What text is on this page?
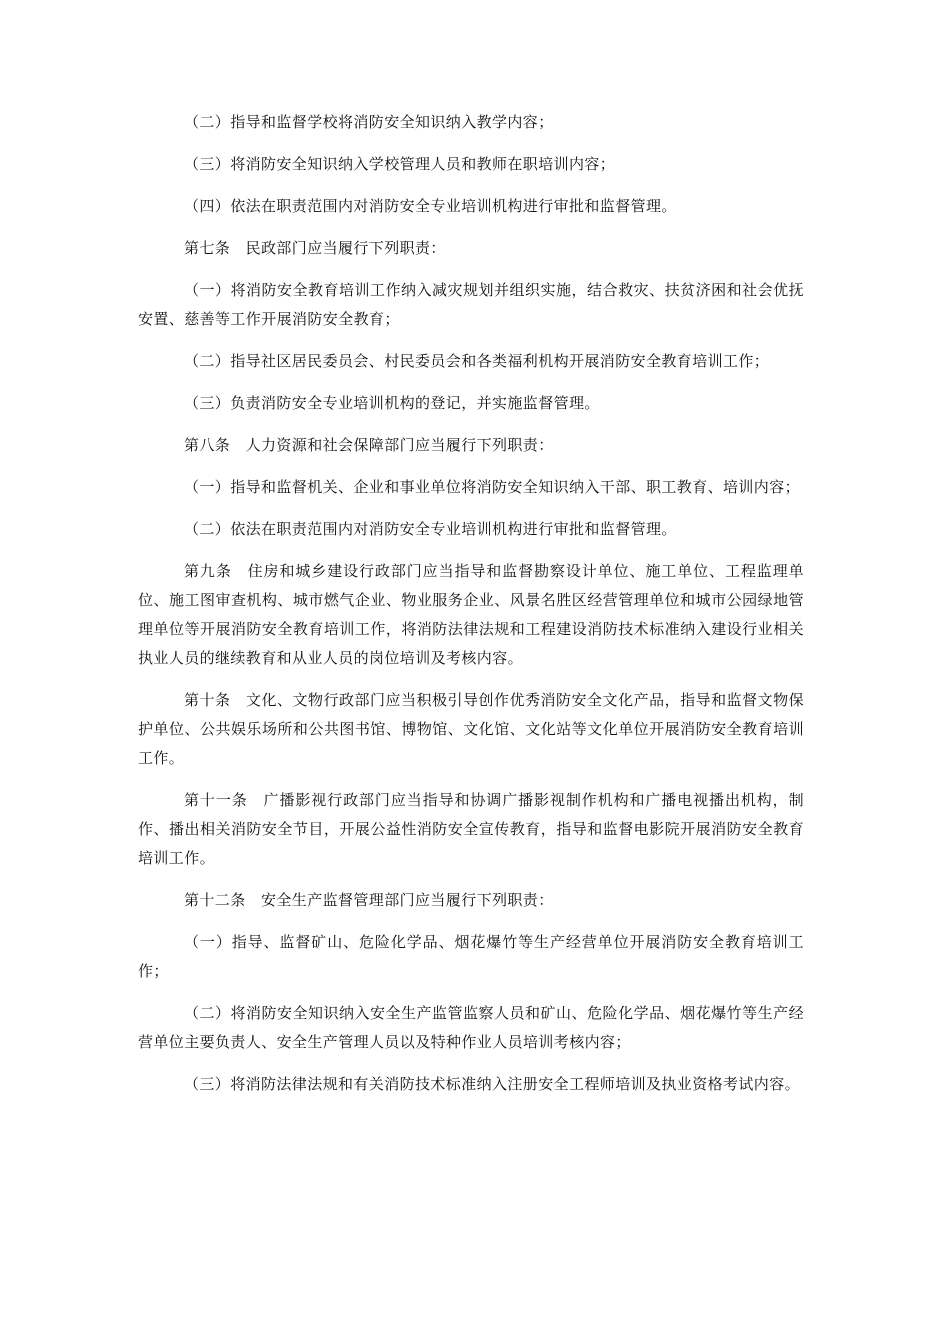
（二）指导和监督学校将消防安全知识纳入教学内容；

（三）将消防安全知识纳入学校管理人员和教师在职培训内容；

（四）依法在职责范围内对消防安全专业培训机构进行审批和监督管理。

第七条　民政部门应当履行下列职责：

（一）将消防安全教育培训工作纳入减灾规划并组织实施，结合救灾、扶贫济困和社会优抚安置、慈善等工作开展消防安全教育；

（二）指导社区居民委员会、村民委员会和各类福利机构开展消防安全教育培训工作；

（三）负责消防安全专业培训机构的登记，并实施监督管理。

第八条　人力资源和社会保障部门应当履行下列职责：

（一）指导和监督机关、企业和事业单位将消防安全知识纳入干部、职工教育、培训内容；

（二）依法在职责范围内对消防安全专业培训机构进行审批和监督管理。

第九条　住房和城乡建设行政部门应当指导和监督勘察设计单位、施工单位、工程监理单位、施工图审查机构、城市燃气企业、物业服务企业、风景名胜区经营管理单位和城市公园绿地管理单位等开展消防安全教育培训工作，将消防法律法规和工程建设消防技术标准纳入建设行业相关执业人员的继续教育和从业人员的岗位培训及考核内容。

第十条　文化、文物行政部门应当积极引导创作优秀消防安全文化产品，指导和监督文物保护单位、公共娱乐场所和公共图书馆、博物馆、文化馆、文化站等文化单位开展消防安全教育培训工作。

第十一条　广播影视行政部门应当指导和协调广播影视制作机构和广播电视播出机构，制作、播出相关消防安全节目，开展公益性消防安全宣传教育，指导和监督电影院开展消防安全教育培训工作。

第十二条　安全生产监督管理部门应当履行下列职责：

（一）指导、监督矿山、危险化学品、烟花爆竹等生产经营单位开展消防安全教育培训工作；

（二）将消防安全知识纳入安全生产监管监察人员和矿山、危险化学品、烟花爆竹等生产经营单位主要负责人、安全生产管理人员以及特种作业人员培训考核内容；

（三）将消防法律法规和有关消防技术标准纳入注册安全工程师培训及执业资格考试内容。
